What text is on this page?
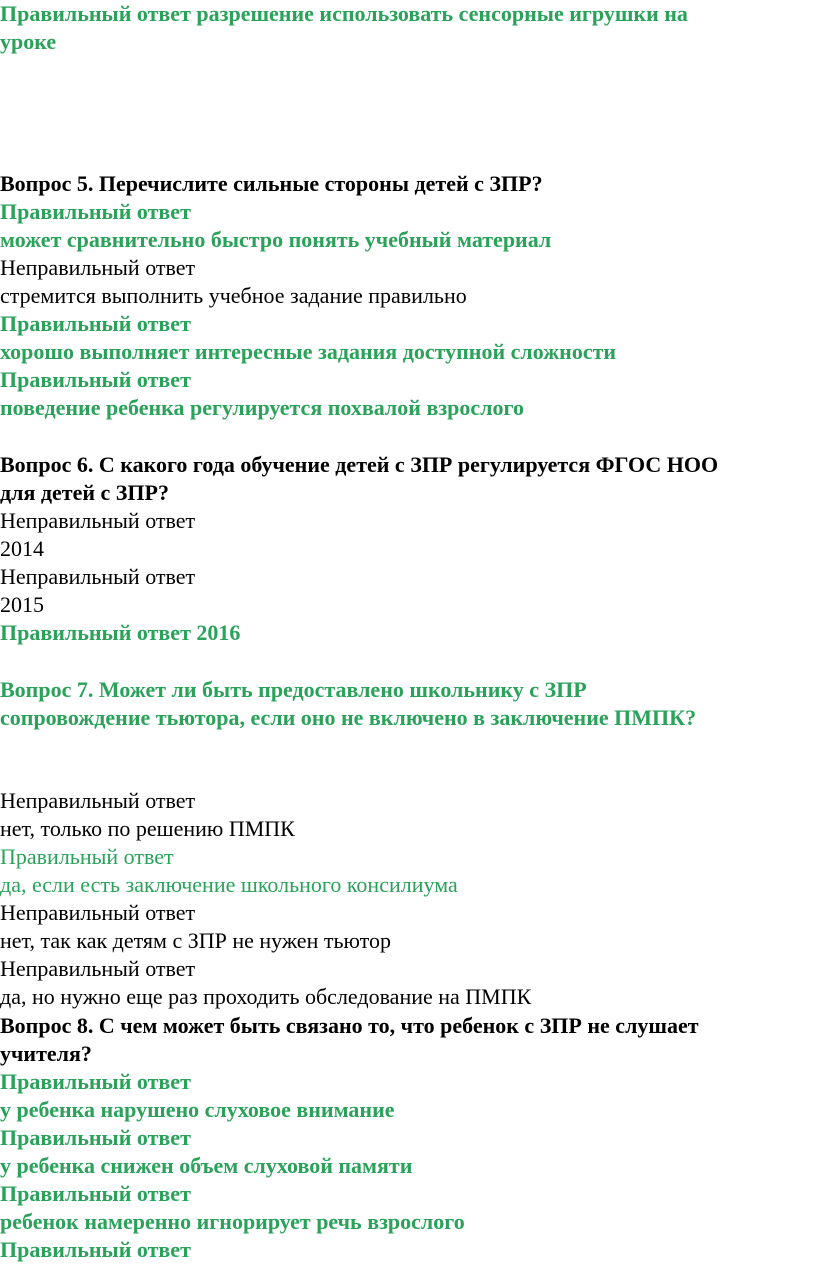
Правильный ответ разрешение использовать сенсорные игрушки на
уроке
Вопрос 5. Перечислите сильные стороны детей с ЗПР?
Правильный ответ
может сравнительно быстро понять учебный материал
Неправильный ответ
стремится выполнить учебное задание правильно
Правильный ответ
хорошо выполняет интересные задания доступной сложности
Правильный ответ
поведение ребенка регулируется похвалой взрослого
Вопрос 6. С какого года обучение детей с ЗПР регулируется ФГОС НОО
для детей с ЗПР?
Неправильный ответ
2014
Неправильный ответ
2015
Правильный ответ 2016
Вопрос 7. Может ли быть предоставлено школьнику с ЗПР
сопровождение тьютора, если оно не включено в заключение ПМПК?
Неправильный ответ
нет, только по решению ПМПК
Правильный ответ
да, если есть заключение школьного консилиума
Неправильный ответ
нет, так как детям с ЗПР не нужен тьютор
Неправильный ответ
да, но нужно еще раз проходить обследование на ПМПК
Вопрос 8. С чем может быть связано то, что ребенок с ЗПР не слушает
учителя?
Правильный ответ
у ребенка нарушено слуховое внимание
Правильный ответ
у ребенка снижен объем слуховой памяти
Правильный ответ
ребенок намеренно игнорирует речь взрослого
Правильный ответ
